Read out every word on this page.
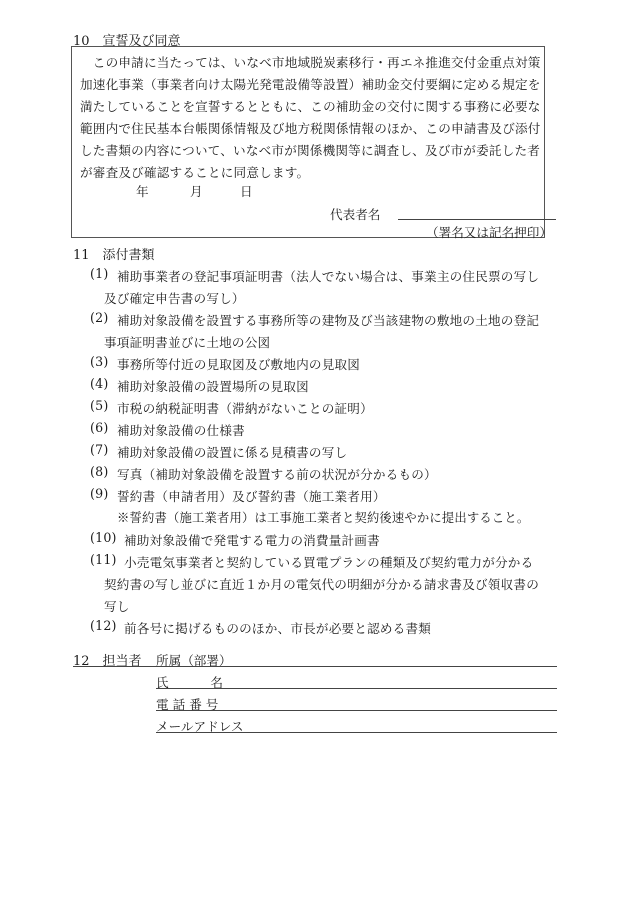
10　宣誓及び同意
　この申請に当たっては、いなべ市地域脱炭素移行・再エネ推進交付金重点対策
加速化事業（事業者向け太陽光発電設備等設置）補助金交付要綱に定める規定を
満たしていることを宣誓するとともに、この補助金の交付に関する事務に必要な
範囲内で住民基本台帳関係情報及び地方税関係情報のほか、この申請書及び添付
した書類の内容について、いなべ市が関係機関等に調査し、及び市が委託した者
が審査及び確認することに同意します。
年	月	日
代表者名
（署名又は記名押印）
11　添付書類
(1) 補助事業者の登記事項証明書（法人でない場合は、事業主の住民票の写し
及び確定申告書の写し）
(2) 補助対象設備を設置する事務所等の建物及び当該建物の敷地の土地の登記
事項証明書並びに土地の公図
(3) 事務所等付近の見取図及び敷地内の見取図
(4) 補助対象設備の設置場所の見取図
(5) 市税の納税証明書（滞納がないことの証明）
(6) 補助対象設備の仕様書
(7) 補助対象設備の設置に係る見積書の写し
(8) 写真（補助対象設備を設置する前の状況が分かるもの）
(9) 誓約書（申請者用）及び誓約書（施工業者用）
※誓約書（施工業者用）は工事施工業者と契約後速やかに提出すること。
(10) 補助対象設備で発電する電力の消費量計画書
(11) 小売電気事業者と契約している買電プランの種類及び契約電力が分かる
契約書の写し並びに直近１か月の電気代の明細が分かる請求書及び領収書の
写し
(12) 前各号に掲げるもののほか、市長が必要と認める書類
12　担当者 所属（部署）
氏　　　名
電 話 番 号
メールアドレス
